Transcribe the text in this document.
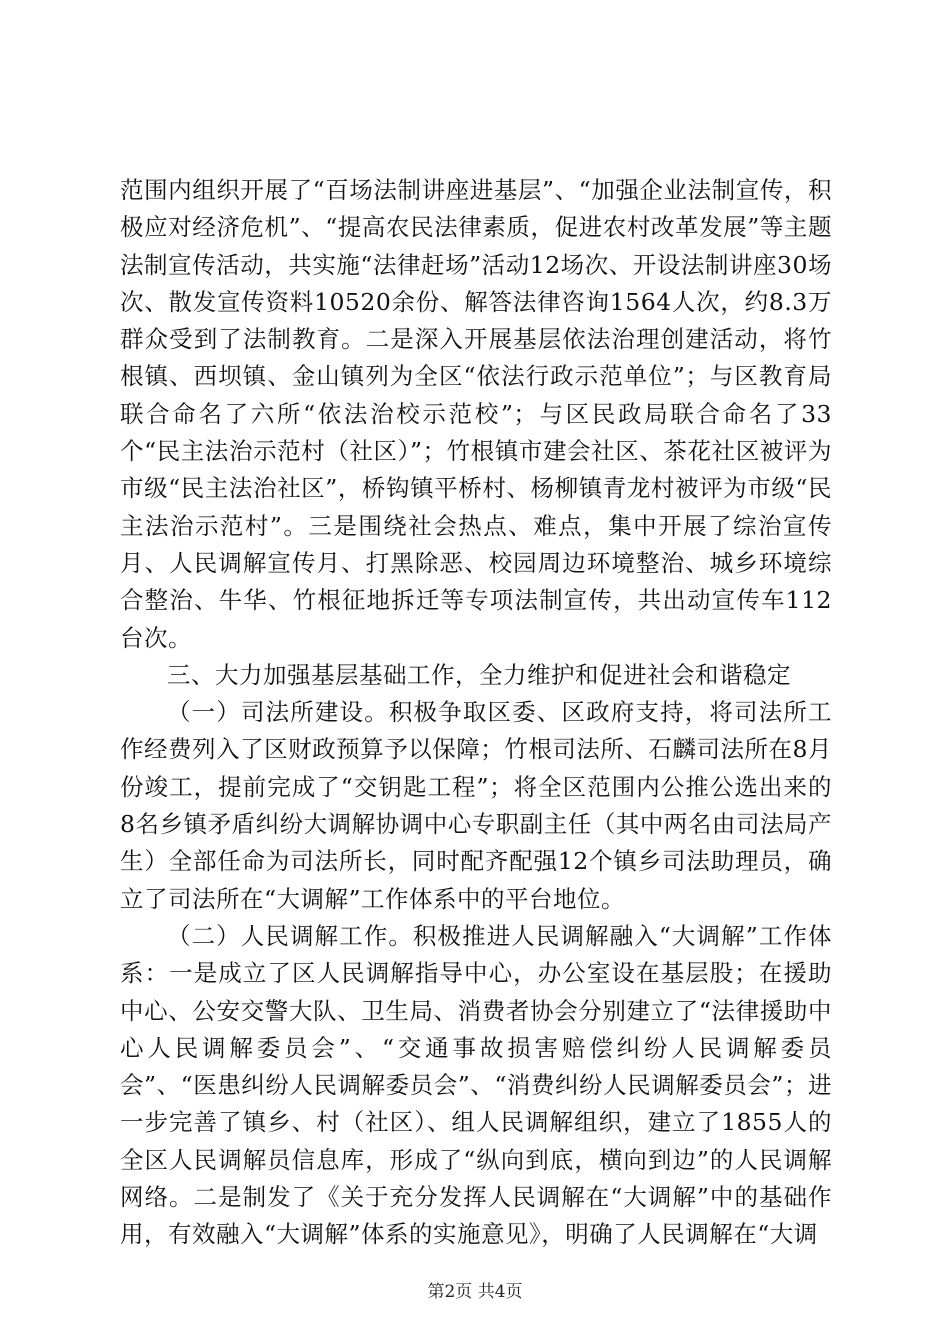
范围内组织开展了“百场法制讲座进基层”、“加强企业法制宣传，积极应对经济危机”、“提高农民法律素质，促进农村改革发展”等主题法制宣传活动，共实施“法律赶场”活动12场次、开设法制讲座30场次、散发宣传资料10520余份、解答法律咨询1564人次，约8.3万群众受到了法制教育。二是深入开展基层依法治理创建活动，将竹根镇、西坝镇、金山镇列为全区“依法行政示范单位”；与区教育局联合命名了六所“依法治校示范校”；与区民政局联合命名了33个“民主法治示范村（社区）”；竹根镇市建会社区、茶花社区被评为市级“民主法治社区”，桥钩镇平桥村、杨柳镇青龙村被评为市级“民主法治示范村”。三是围绕社会热点、难点，集中开展了综治宣传月、人民调解宣传月、打黑除恶、校园周边环境整治、城乡环境综合整治、牛华、竹根征地拆迁等专项法制宣传，共出动宣传车112台次。

三、大力加强基层基础工作，全力维护和促进社会和谐稳定

（一）司法所建设。积极争取区委、区政府支持，将司法所工作经费列入了区财政预算予以保障；竹根司法所、石麟司法所在8月份竣工，提前完成了“交钥匙工程”；将全区范围内公推公选出来的8名乡镇矛盾纠纷大调解协调中心专职副主任（其中两名由司法局产生）全部任命为司法所长，同时配齐配强12个镇乡司法助理员，确立了司法所在“大调解”工作体系中的平台地位。

（二）人民调解工作。积极推进人民调解融入“大调解”工作体系：一是成立了区人民调解指导中心，办公室设在基层股；在援助中心、公安交警大队、卫生局、消费者协会分别建立了“法律援助中心人民调解委员会”、“交通事故损害赔偿纠纷人民调解委员会”、“医患纠纷人民调解委员会”、“消费纠纷人民调解委员会”；进一步完善了镇乡、村（社区）、组人民调解组织，建立了1855人的全区人民调解员信息库，形成了“纵向到底，横向到边”的人民调解网络。二是制发了《关于充分发挥人民调解在“大调解”中的基础作用，有效融入“大调解”体系的实施意见》，明确了人民调解在“大调

第2页 共4页
